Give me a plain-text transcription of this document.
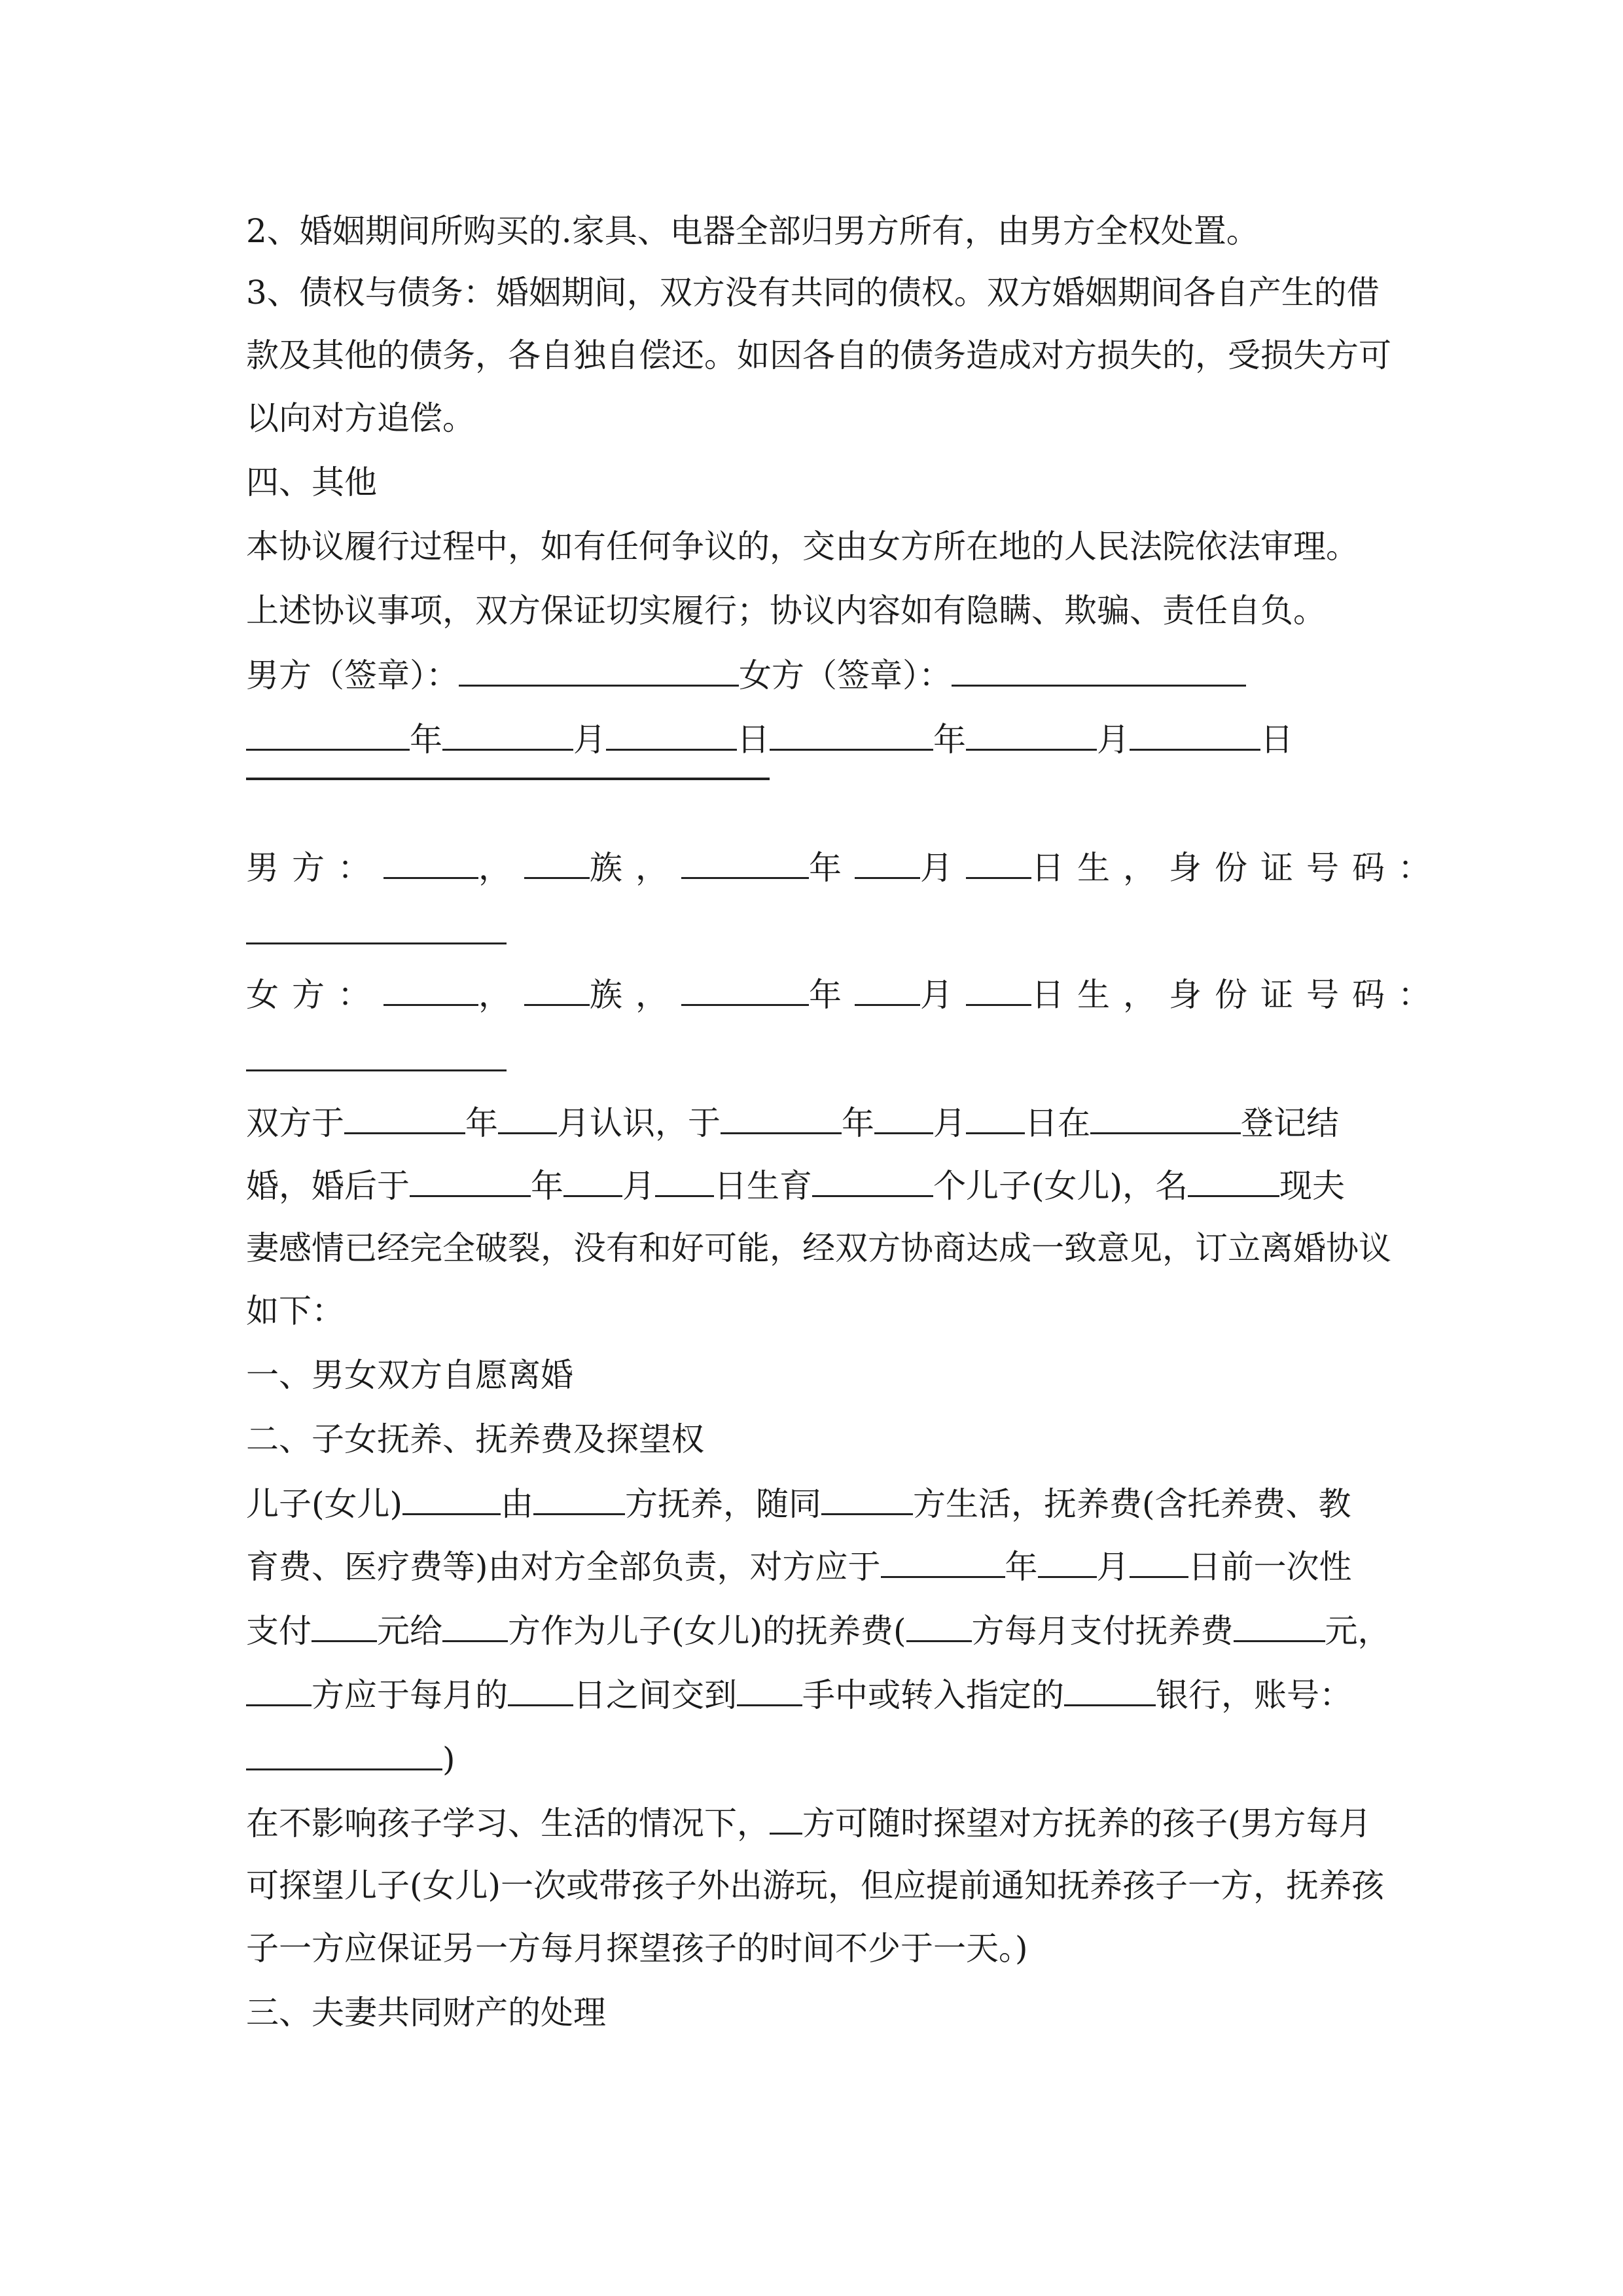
2、婚姻期间所购买的.家具、电器全部归男方所有，由男方全权处置。

3、债权与债务：婚姻期间，双方没有共同的债权。双方婚姻期间各自产生的借

款及其他的债务，各自独自偿还。如因各自的债务造成对方损失的，受损失方可

以向对方追偿。

四、其他

本协议履行过程中，如有任何争议的，交由女方所在地的人民法院依法审理。

上述协议事项，双方保证切实履行；协议内容如有隐瞒、欺骗、责任自负。

男方（签章）：	女方（签章）：

年	月	日	年	月	日

男方：	， 族，	年 月 日生，身份证号码：

女方：	， 族，	年 月 日生，身份证号码：

双方于	年 月认识，于	年 月 日在	登记结

婚，婚后于	年 月 日生育	个儿子(女儿)，名	现夫

妻感情已经完全破裂，没有和好可能，经双方协商达成一致意见，订立离婚协议

如下：

一、男女双方自愿离婚

二、子女抚养、抚养费及探望权

儿子(女儿)	由	方抚养，随同	方生活，抚养费(含托养费、教

育费、医疗费等)由对方全部负责，对方应于	年 月 日前一次性

支付 元给 方作为儿子(女儿)的抚养费( 方每月支付抚养费	元，

方应于每月的 日之间交到 手中或转入指定的	银行，账号：

)

在不影响孩子学习、生活的情况下， 方可随时探望对方抚养的孩子(男方每月

可探望儿子(女儿)一次或带孩子外出游玩，但应提前通知抚养孩子一方，抚养孩

子一方应保证另一方每月探望孩子的时间不少于一天。)

三、夫妻共同财产的处理
